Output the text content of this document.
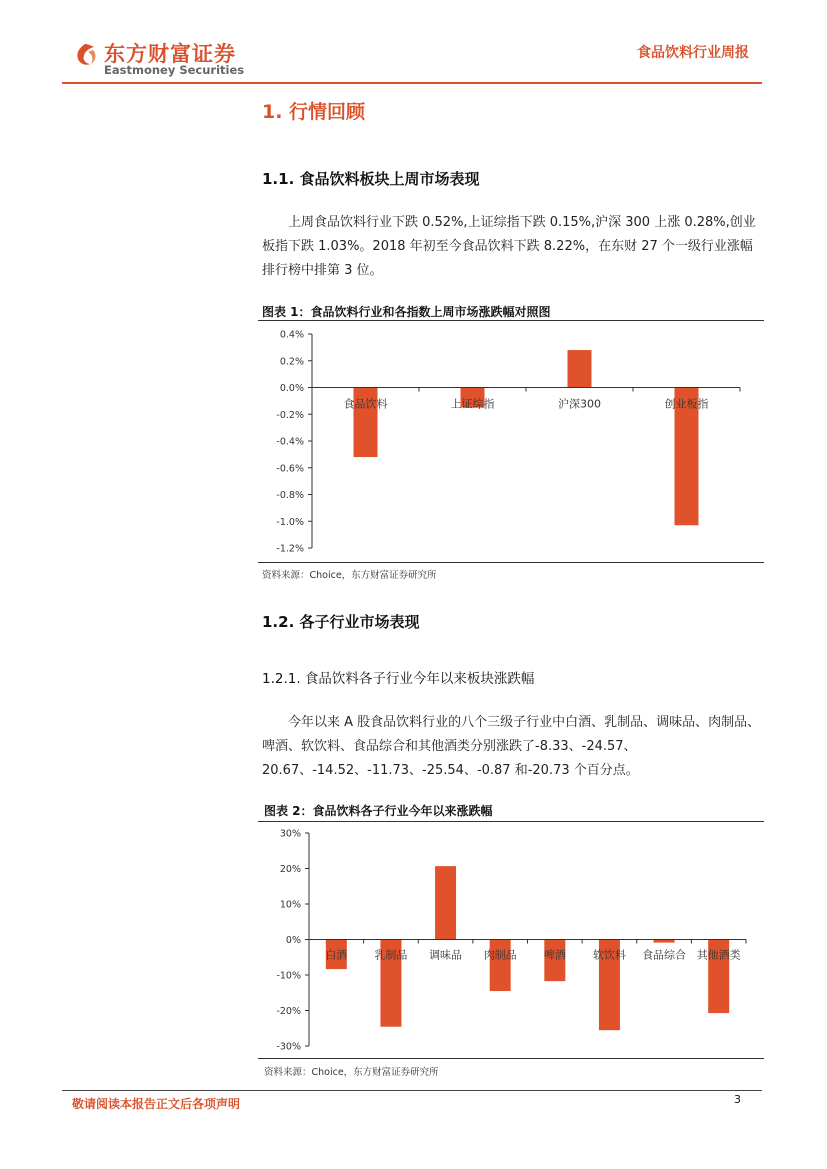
东方财富证券
Eastmoney Securities
食品饮料行业周报
1. 行情回顾
1.1. 食品饮料板块上周市场表现

上周食品饮料行业下跌 0.52%,上证综指下跌 0.15%,沪深 300 上涨 0.28%,创业板指下跌 1.03%。2018 年初至今食品饮料下跌 8.22%，在东财 27 个一级行业涨幅排行榜中排第 3 位。

图表 1：食品饮料行业和各指数上周市场涨跌幅对照图
0.4%
0.2%
0.0%
-0.2%
-0.4%
-0.6%
-0.8%
-1.0%
-1.2%
食品饮料	上证综指	沪深300	创业板指
资料来源：Choice，东方财富证券研究所
1.2. 各子行业市场表现
1.2.1. 食品饮料各子行业今年以来板块涨跌幅

今年以来 A 股食品饮料行业的八个三级子行业中白酒、乳制品、调味品、肉制品、啤酒、软饮料、食品综合和其他酒类分别涨跌了-8.33、-24.57、20.67、-14.52、-11.73、-25.54、-0.87 和-20.73 个百分点。

图表 2：食品饮料各子行业今年以来涨跌幅
30%
20%
10%
0%
-10%
-20%
-30%
白酒 乳制品 调味品 肉制品 啤酒 软饮料 食品综合 其他酒类
资料来源：Choice，东方财富证券研究所
敬请阅读本报告正文后各项声明	3
